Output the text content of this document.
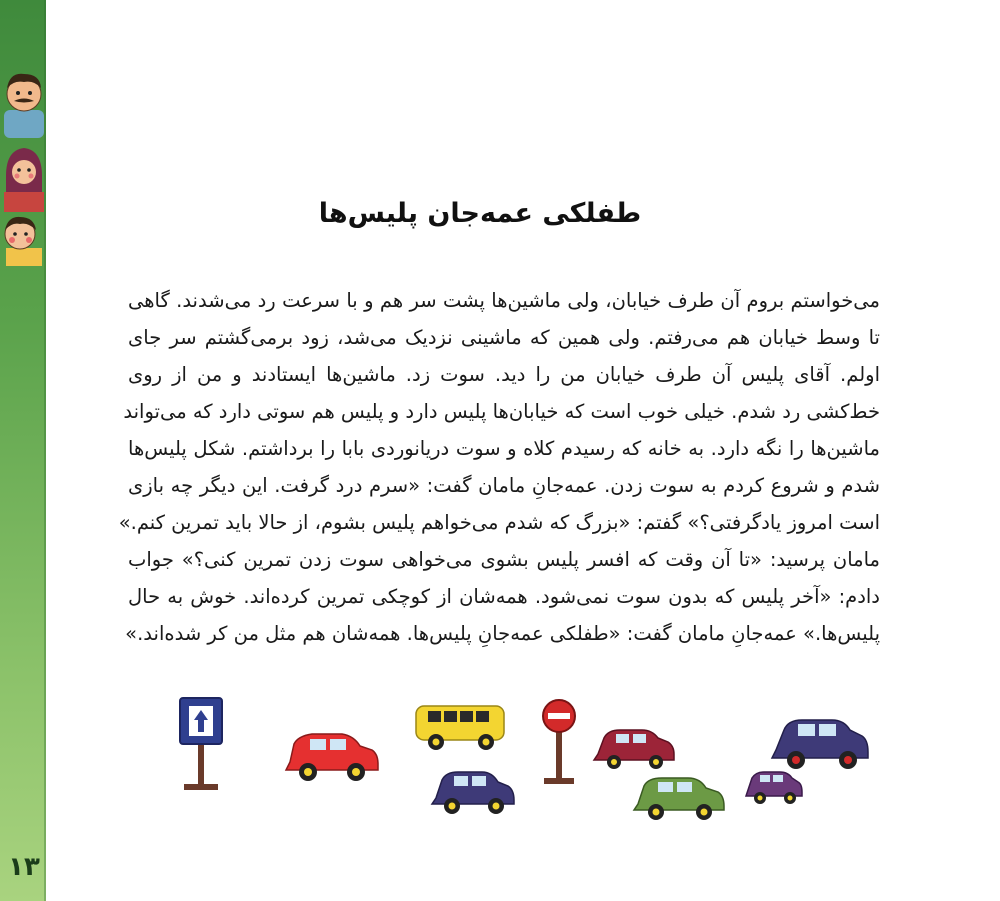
۱۳
طفلکی عمه‌جان پلیس‌ها
می‌خواستم بروم آن طرف خیابان، ولی ماشین‌ها پشت سر هم و با سرعت رد می‌شدند. گاهی
تا وسط خیابان هم می‌رفتم. ولی همین که ماشینی نزدیک می‌شد، زود برمی‌گشتم سر جای
اولم. آقای پلیس آن طرف خیابان من را دید. سوت زد. ماشین‌ها ایستادند و من از روی
خط‌کشی رد شدم. خیلی خوب است که خیابان‌ها پلیس دارد و پلیس هم سوتی دارد که می‌تواند
ماشین‌ها را نگه دارد. به خانه که رسیدم کلاه و سوت دریانوردی بابا را برداشتم. شکل پلیس‌ها
شدم و شروع کردم به سوت زدن. عمه‌جانِ مامان گفت: «سرم درد گرفت. این دیگر چه بازی
است امروز یادگرفتی؟» گفتم: «بزرگ که شدم می‌خواهم پلیس بشوم، از حالا باید تمرین کنم.»
مامان پرسید: «تا آن وقت که افسر پلیس بشوی می‌خواهی سوت زدن تمرین کنی؟» جواب
دادم: «آخر پلیس که بدون سوت نمی‌شود. همه‌شان از کوچکی تمرین کرده‌اند. خوش به حال
پلیس‌ها.» عمه‌جانِ مامان گفت: «طفلکی عمه‌جانِ پلیس‌ها. همه‌شان هم مثل من کر شده‌اند.»
